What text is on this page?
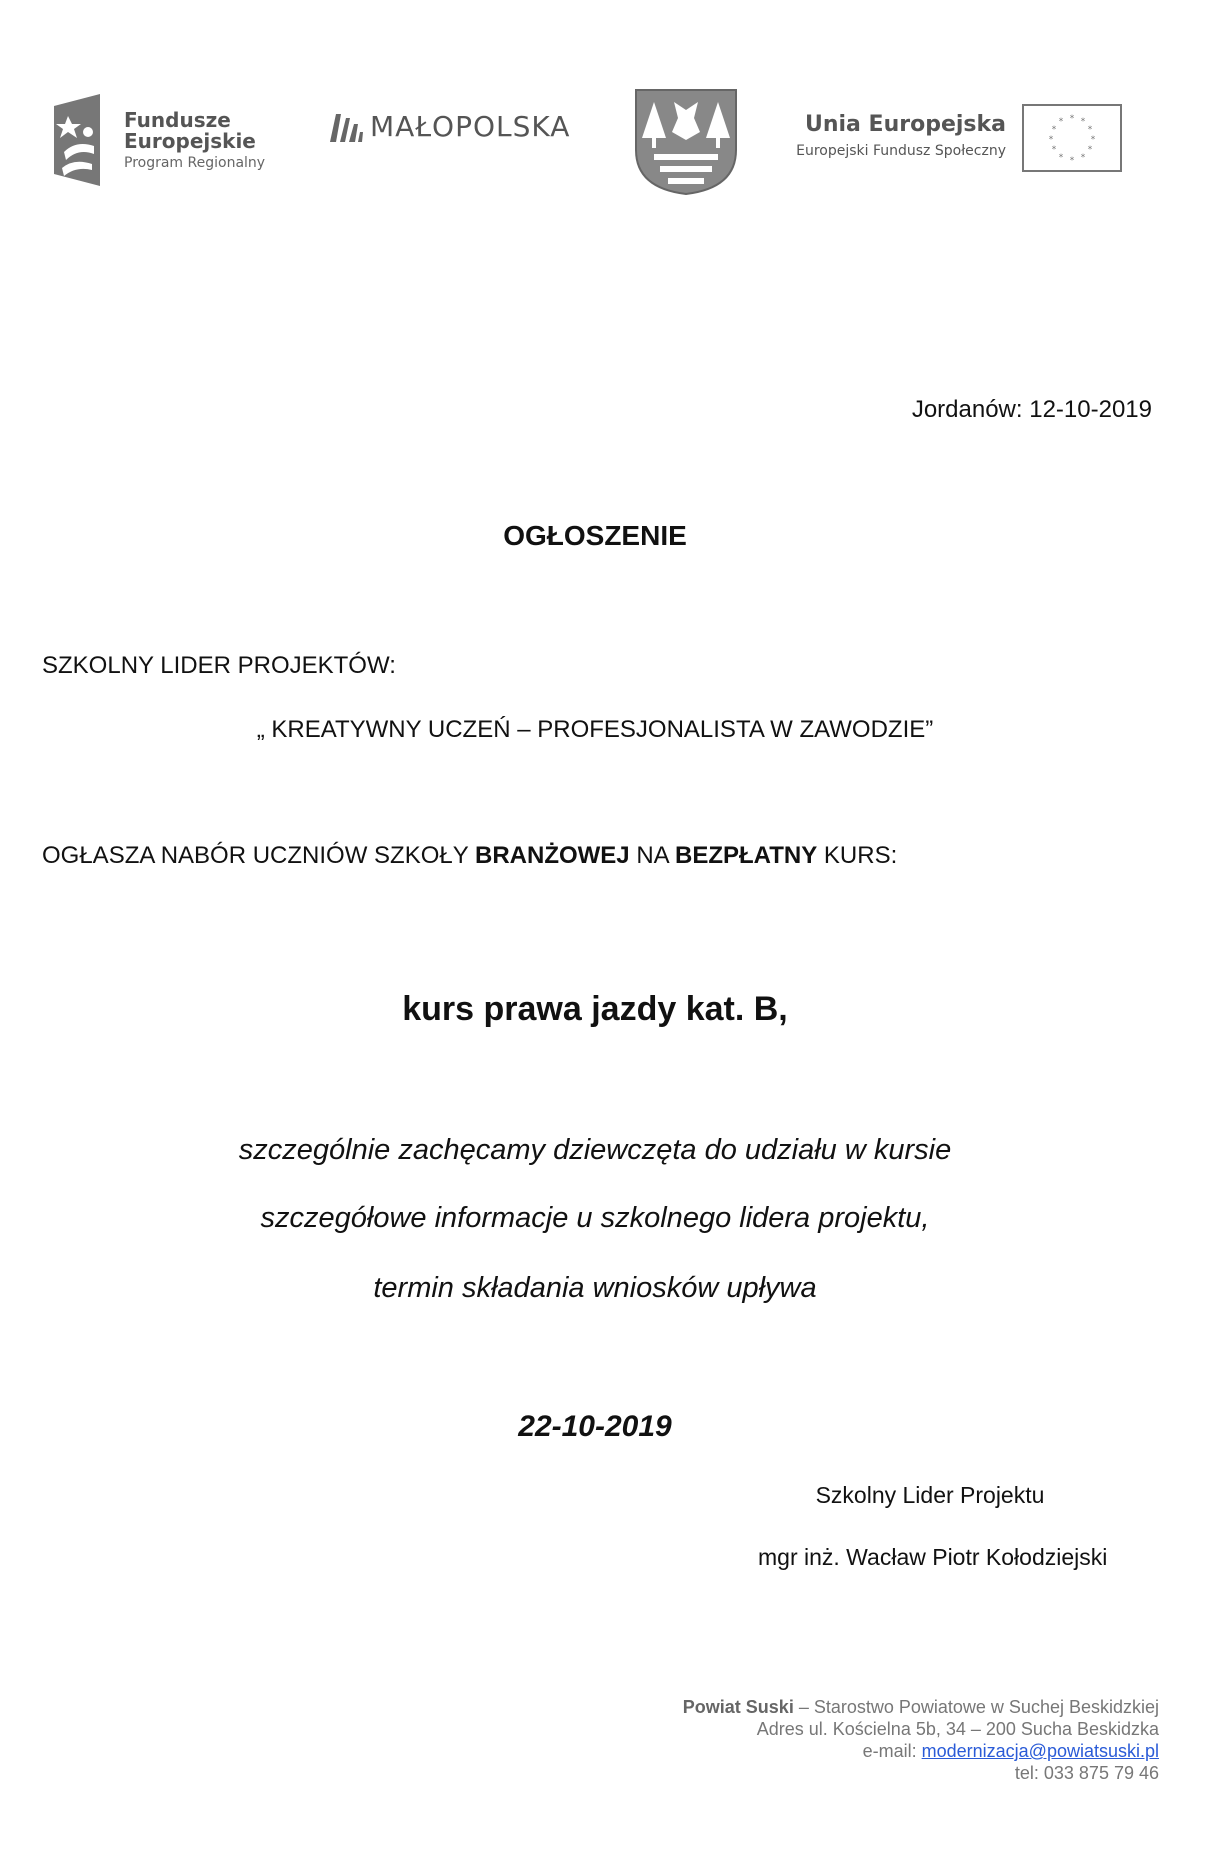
Fundusze
Europejskie
Program Regionalny
MAŁOPOLSKA	Unia Europejska
Europejski Fundusz Społeczny
* *
*
*
*
*
*
*
*
*
*
*
Jordanów: 12-10-2019
OGŁOSZENIE
SZKOLNY LIDER PROJEKTÓW:
„ KREATYWNY UCZEŃ – PROFESJONALISTA W ZAWODZIE”
OGŁASZA NABÓR UCZNIÓW SZKOŁY BRANŻOWEJ NA BEZPŁATNY KURS:
kurs prawa jazdy kat. B,
szczególnie zachęcamy dziewczęta do udziału w kursie
szczegółowe informacje u szkolnego lidera projektu,
termin składania wniosków upływa
22-10-2019
Szkolny Lider Projektu
mgr inż. Wacław Piotr Kołodziejski
Powiat Suski – Starostwo Powiatowe w Suchej Beskidzkiej
Adres ul. Kościelna 5b, 34 – 200 Sucha Beskidzka
e-mail: modernizacja@powiatsuski.pl
tel: 033 875 79 46
